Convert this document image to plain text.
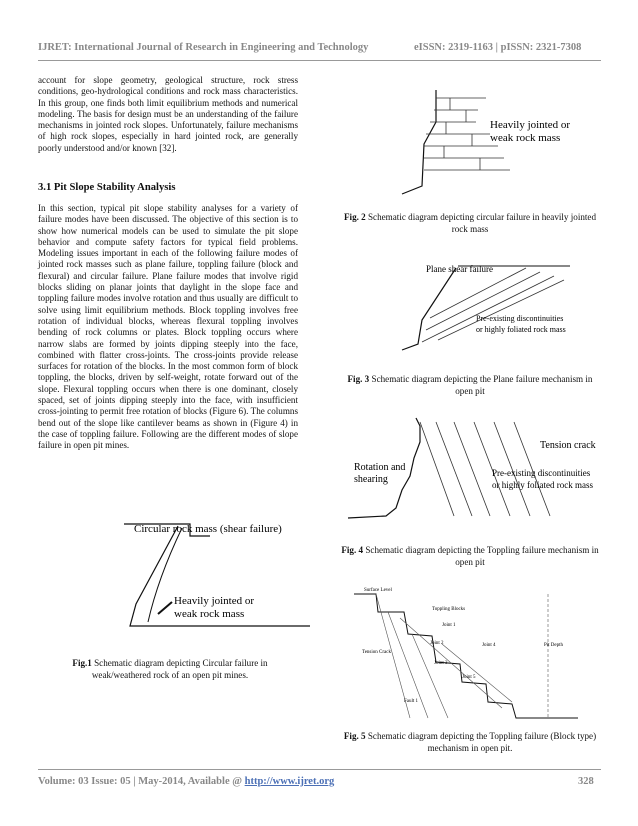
IJRET: International Journal of Research in Engineering and Technology	eISSN: 2319-1163 | pISSN: 2321-7308
account for slope geometry, geological structure, rock stress conditions, geo-hydrological conditions and rock mass characteristics. In this group, one finds both limit equilibrium methods and numerical modeling. The basis for design must be an understanding of the failure mechanisms in jointed rock slopes. Unfortunately, failure mechanisms of high rock slopes, especially in hard jointed rock, are generally poorly understood and/or known [32].
3.1 Pit Slope Stability Analysis
In this section, typical pit slope stability analyses for a variety of failure modes have been discussed. The objective of this section is to show how numerical models can be used to simulate the pit slope behavior and compute safety factors for typical field problems. Modeling issues important in each of the following failure modes of jointed rock masses such as plane failure, toppling failure (block and flexural) and circular failure. Plane failure modes that involve rigid blocks sliding on planar joints that daylight in the slope face and toppling failure modes involve rotation and thus usually are difficult to solve using limit equilibrium methods. Block toppling involves free rotation of individual blocks, whereas flexural toppling involves bending of rock columns or plates. Block toppling occurs where narrow slabs are formed by joints dipping steeply into the face, combined with flatter cross-joints. The cross-joints provide release surfaces for rotation of the blocks. In the most common form of block toppling, the blocks, driven by self-weight, rotate forward out of the slope. Flexural toppling occurs when there is one dominant, closely spaced, set of joints dipping steeply into the face, with insufficient cross-jointing to permit free rotation of blocks (Figure 6). The columns bend out of the slope like cantilever beams as shown in (Figure 4) in the case of toppling failure. Following are the different modes of slope failure in open pit mines.
Circular rock mass (shear failure)
Heavily jointed or
weak rock mass
Fig.1 Schematic diagram depicting Circular failure in weak/weathered rock of an open pit mines.
Heavily jointed or
weak rock mass
Fig. 2 Schematic diagram depicting circular failure in heavily jointed rock mass
Plane shear failure
Pre-existing discontinuities
or highly foliated rock mass
Fig. 3 Schematic diagram depicting the Plane failure mechanism in open pit
Tension crack
Rotation and
shearing
Pre-existing discontinuities
or highly foliated rock mass
Fig. 4 Schematic diagram depicting the Toppling failure mechanism in open pit
Surface Level
Tension Crack
Toppling Blocks
Pit Depth
Joint 1
Joint 2
Joint 3
Joint 4
Joint 5
Fault 1
Fig. 5 Schematic diagram depicting the Toppling failure (Block type) mechanism in open pit.
Volume: 03 Issue: 05 | May-2014, Available @ http://www.ijret.org	328
